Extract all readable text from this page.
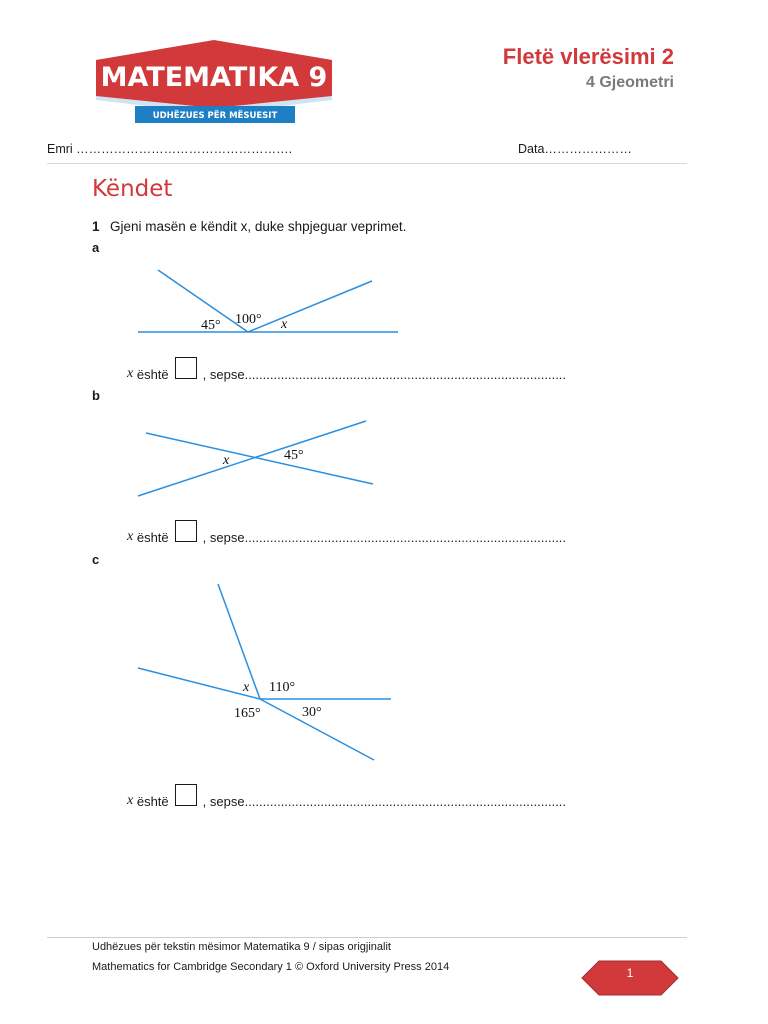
MATEMATIKA 9
UDHËZUES PËR MËSUESIT
Fletë vlerësimi 2
4 Gjeometri
Emri …………………………………………….	Data…………………
Këndet
1 Gjeni masën e këndit x, duke shpjeguar veprimet.
a
45° 100° x
x
është	, sepse .........................................................................................
b
x	45°
x
është	, sepse .........................................................................................
c
x 110°
165°	30°
x
është	, sepse .........................................................................................
Udhëzues për tekstin mësimor Matematika 9 / sipas origjinalit
Mathematics for Cambridge Secondary 1 © Oxford University Press 2014	1
